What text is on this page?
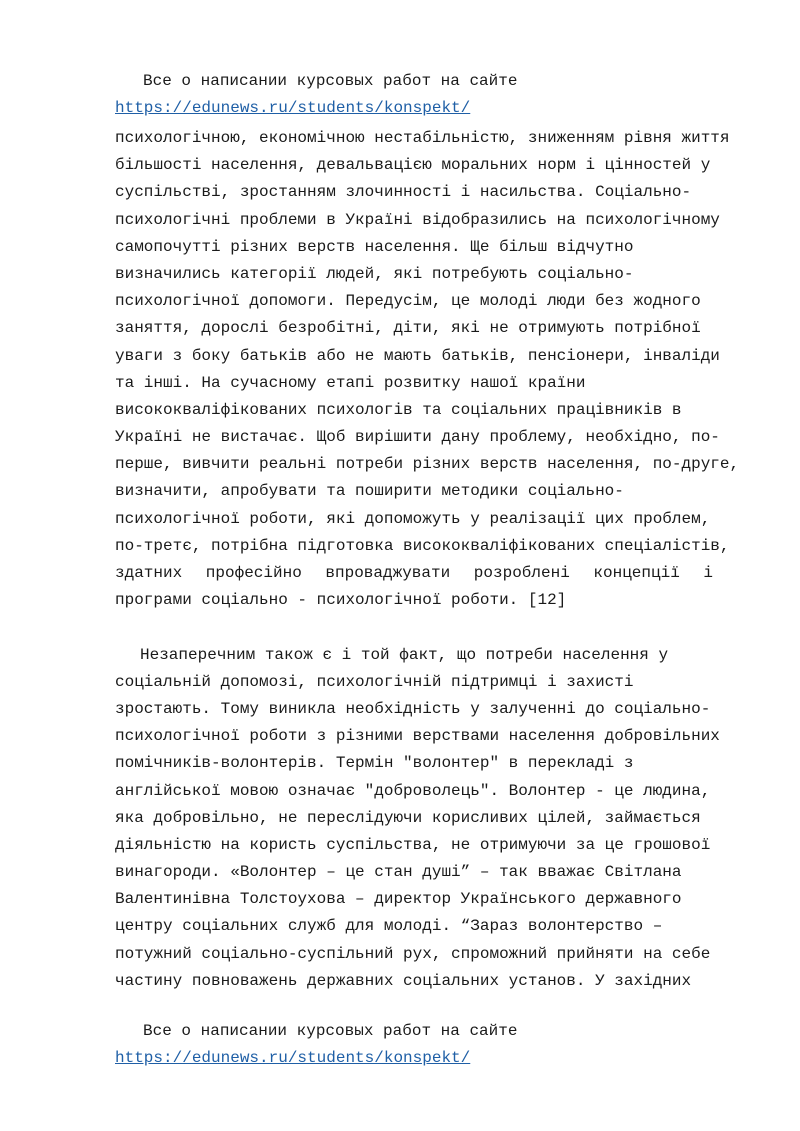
Все о написании курсовых работ на сайте
https://edunews.ru/students/konspekt/
психологічною, економічною нестабільністю, зниженням рівня життя
більшості населення, девальвацією моральних норм і цінностей у
суспільстві, зростанням злочинності і насильства. Соціально-
психологічні проблеми в Україні відобразились на психологічному
самопочутті різних верств населення. Ще більш відчутно
визначились категорії людей, які потребують соціально-
психологічної допомоги. Передусім, це молоді люди без жодного
заняття, дорослі безробітні, діти, які не отримують потрібної
уваги з боку батьків або не мають батьків, пенсіонери, інваліди
та інші. На сучасному етапі розвитку нашої країни
висококваліфікованих психологів та соціальних працівників в
Україні не вистачає. Щоб вирішити дану проблему, необхідно, по-
перше, вивчити реальні потреби різних верств населення, по-друге,
визначити, апробувати та поширити методики соціально-
психологічної роботи, які допоможуть у реалізації цих проблем,
по-третє, потрібна підготовка висококваліфікованих спеціалістів,
здатних професійно впроваджувати розроблені концепції і
програми соціально - психологічної роботи. [12]
Незаперечним також є і той факт, що потреби населення у
соціальній допомозі, психологічній підтримці і захисті
зростають. Тому виникла необхідність у залученні до соціально-
психологічної роботи з різними верствами населення добровільних
помічників-волонтерів. Термін "волонтер" в перекладі з
англійської мовою означає "доброволець". Волонтер - це людина,
яка добровільно, не переслідуючи корисливих цілей, займається
діяльністю на користь суспільства, не отримуючи за це грошової
винагороди. «Волонтер – це стан душі” – так вважає Світлана
Валентинівна Толстоухова – директор Українського державного
центру соціальних служб для молоді. “Зараз волонтерство –
потужний соціально-суспільний рух, спроможний прийняти на себе
частину повноважень державних соціальних установ. У західних
Все о написании курсовых работ на сайте
https://edunews.ru/students/konspekt/
